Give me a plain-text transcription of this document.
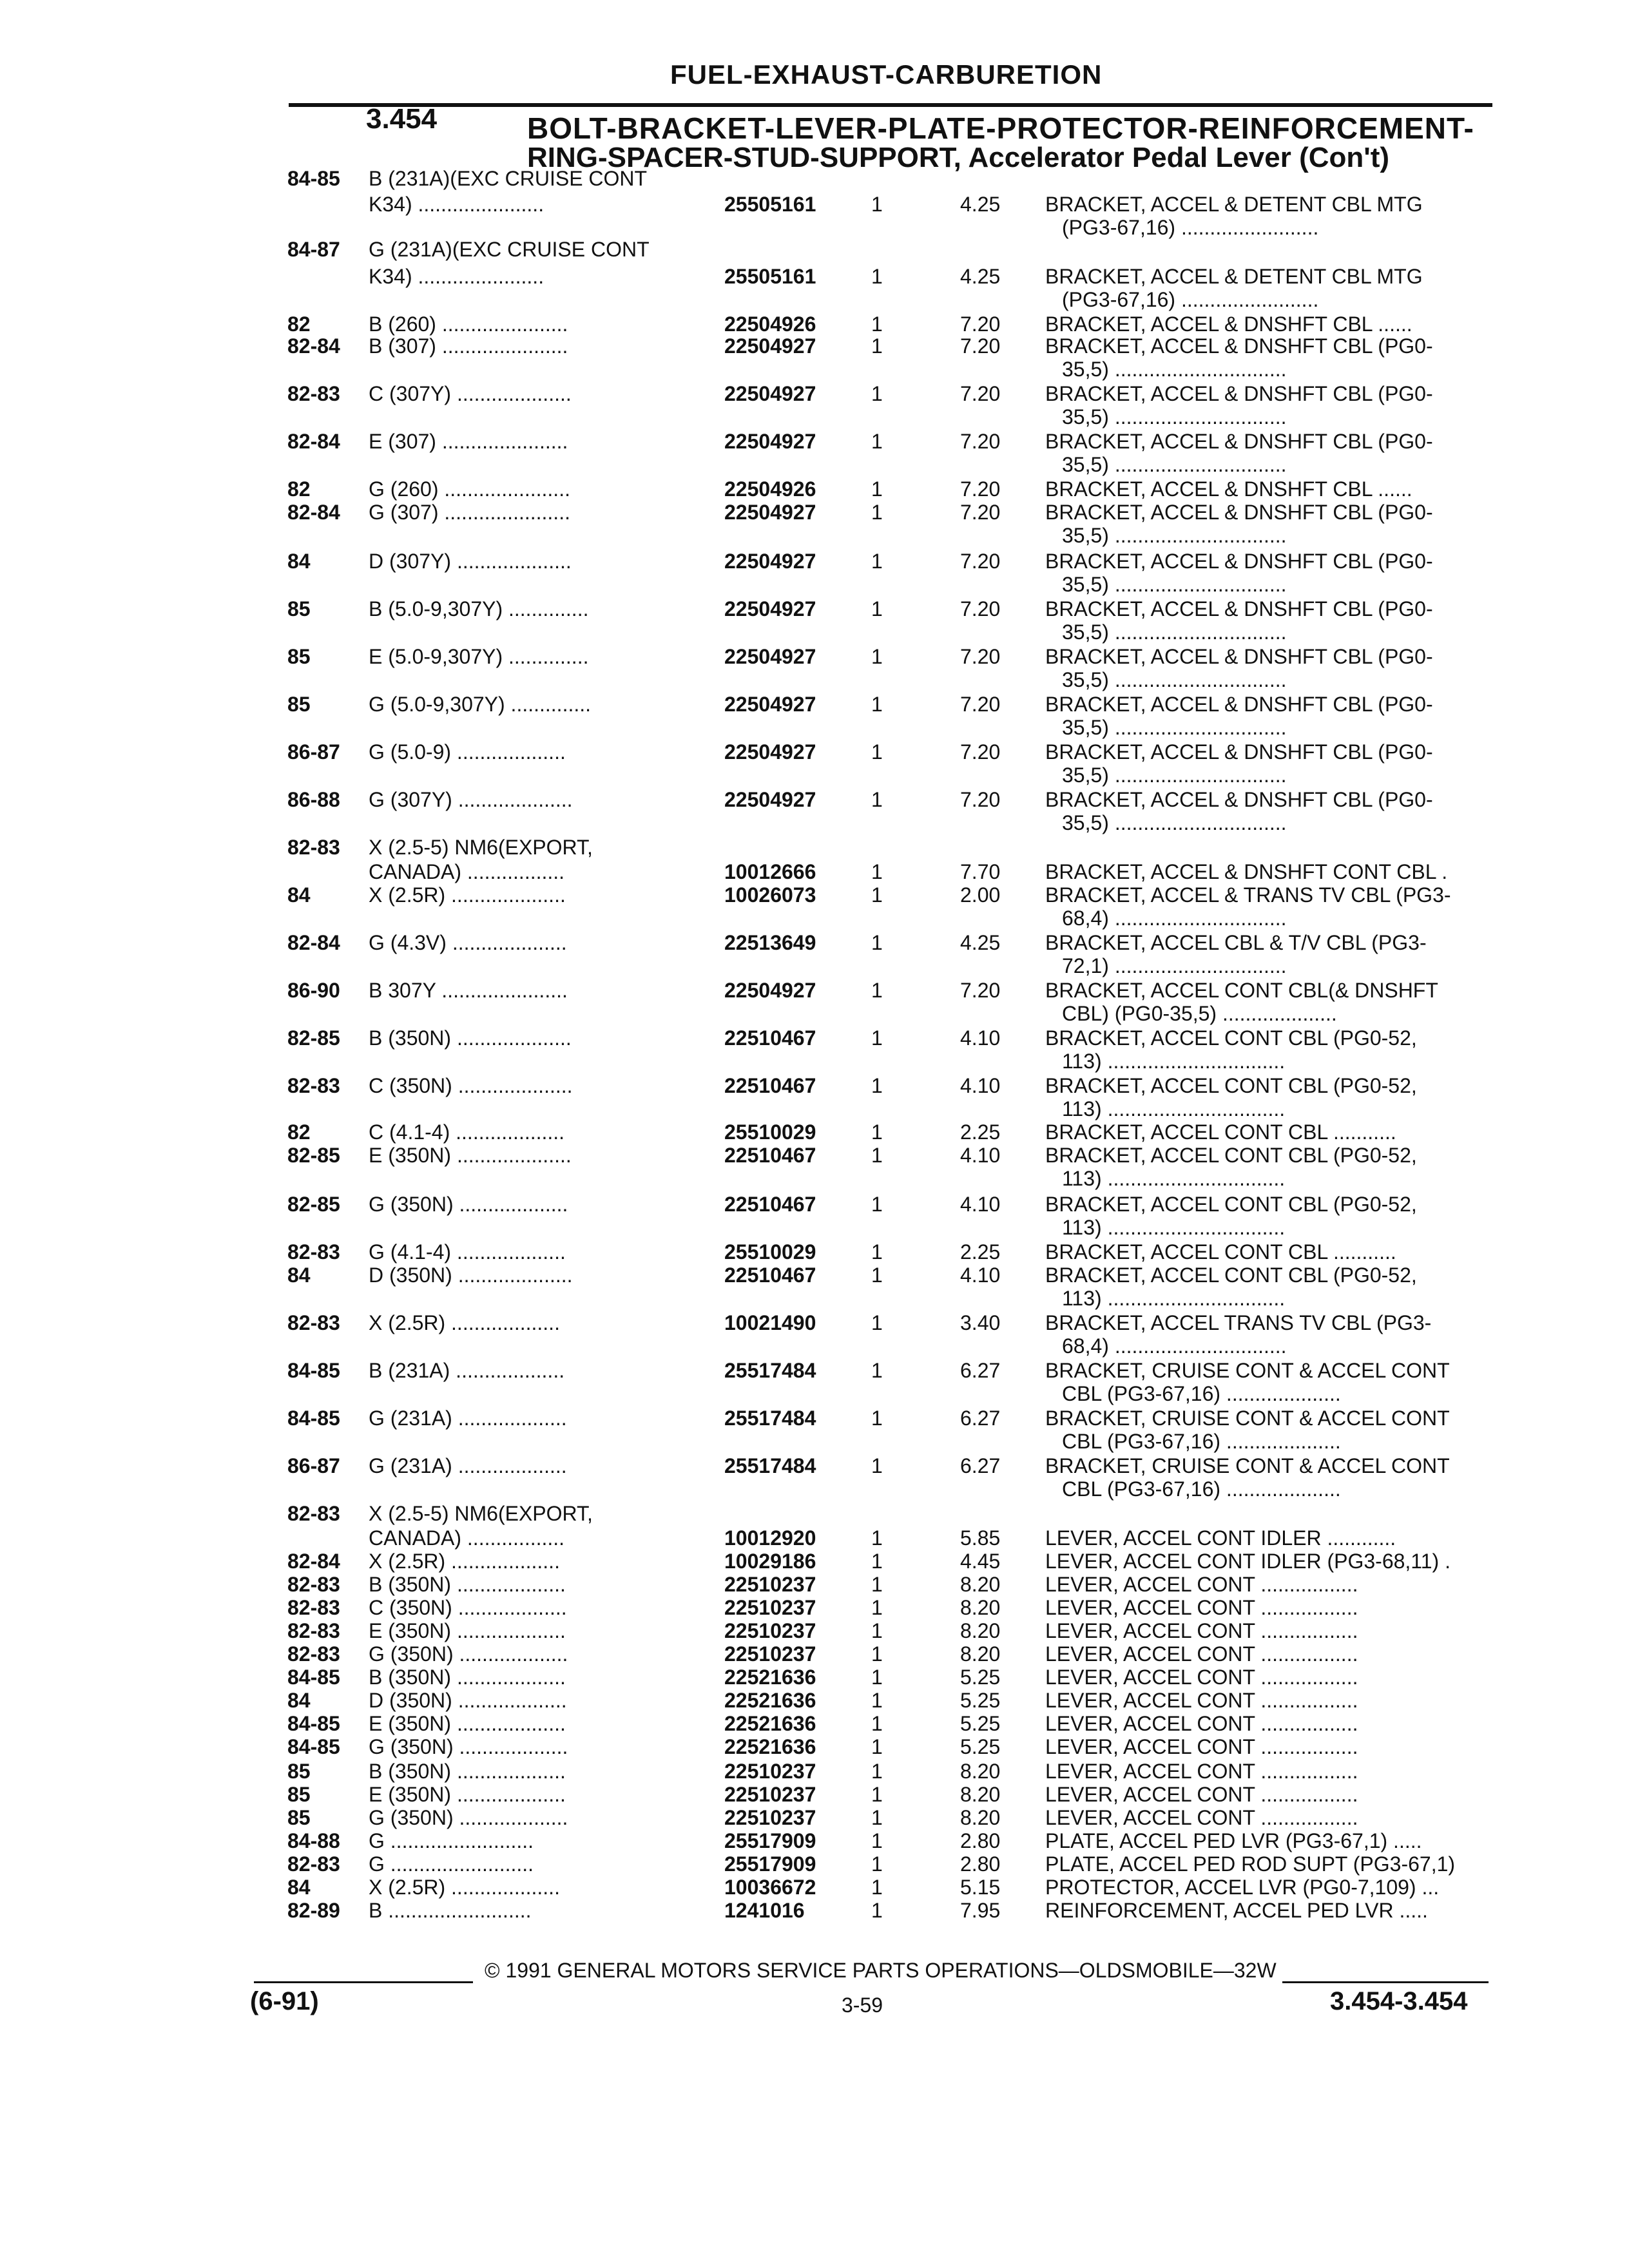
FUEL-EXHAUST-CARBURETION
3.454	BOLT-BRACKET-LEVER-PLATE-PROTECTOR-REINFORCEMENT-
RING-SPACER-STUD-SUPPORT, Accelerator Pedal Lever (Con't)
84-85 B (231A)(EXC CRUISE CONT
K34) ......................	25505161	1	4.25 BRACKET, ACCEL & DETENT CBL MTG
(PG3-67,16) ........................
84-87 G (231A)(EXC CRUISE CONT
K34) ......................	25505161	1	4.25 BRACKET, ACCEL & DETENT CBL MTG
(PG3-67,16) ........................
82	B (260) ......................	22504926	1	7.20 BRACKET, ACCEL & DNSHFT CBL ......
82-84 B (307) ......................	22504927	1	7.20 BRACKET, ACCEL & DNSHFT CBL (PG0-
35,5) ..............................
82-83 C (307Y) ....................	22504927	1	7.20 BRACKET, ACCEL & DNSHFT CBL (PG0-
35,5) ..............................
82-84 E (307) ......................	22504927	1	7.20 BRACKET, ACCEL & DNSHFT CBL (PG0-
35,5) ..............................
82	G (260) ......................	22504926	1	7.20 BRACKET, ACCEL & DNSHFT CBL ......
82-84 G (307) ......................	22504927	1	7.20 BRACKET, ACCEL & DNSHFT CBL (PG0-
35,5) ..............................
84	D (307Y) ....................	22504927	1	7.20 BRACKET, ACCEL & DNSHFT CBL (PG0-
35,5) ..............................
85	B (5.0-9,307Y) ..............	22504927	1	7.20 BRACKET, ACCEL & DNSHFT CBL (PG0-
35,5) ..............................
85	E (5.0-9,307Y) ..............	22504927	1	7.20 BRACKET, ACCEL & DNSHFT CBL (PG0-
35,5) ..............................
85	G (5.0-9,307Y) ..............	22504927	1	7.20 BRACKET, ACCEL & DNSHFT CBL (PG0-
35,5) ..............................
86-87 G (5.0-9) ...................	22504927	1	7.20 BRACKET, ACCEL & DNSHFT CBL (PG0-
35,5) ..............................
86-88 G (307Y) ....................	22504927	1	7.20 BRACKET, ACCEL & DNSHFT CBL (PG0-
35,5) ..............................
82-83 X (2.5-5) NM6(EXPORT,
CANADA) .................	10012666	1	7.70 BRACKET, ACCEL & DNSHFT CONT CBL .
84	X (2.5R) ....................	10026073	1	2.00 BRACKET, ACCEL & TRANS TV CBL (PG3-
68,4) ..............................
82-84 G (4.3V) ....................	22513649	1	4.25 BRACKET, ACCEL CBL & T/V CBL (PG3-
72,1) ..............................
86-90 B 307Y ......................	22504927	1	7.20 BRACKET, ACCEL CONT CBL(& DNSHFT
CBL) (PG0-35,5) ....................
82-85 B (350N) ....................	22510467	1	4.10 BRACKET, ACCEL CONT CBL (PG0-52,
113) ...............................
82-83 C (350N) ....................	22510467	1	4.10 BRACKET, ACCEL CONT CBL (PG0-52,
113) ...............................
82	C (4.1-4) ...................	25510029	1	2.25 BRACKET, ACCEL CONT CBL ...........
82-85 E (350N) ....................	22510467	1	4.10 BRACKET, ACCEL CONT CBL (PG0-52,
113) ...............................
82-85 G (350N) ...................	22510467	1	4.10 BRACKET, ACCEL CONT CBL (PG0-52,
113) ...............................
82-83 G (4.1-4) ...................	25510029	1	2.25 BRACKET, ACCEL CONT CBL ...........
84	D (350N) ....................	22510467	1	4.10 BRACKET, ACCEL CONT CBL (PG0-52,
113) ...............................
82-83 X (2.5R) ...................	10021490	1	3.40 BRACKET, ACCEL TRANS TV CBL (PG3-
68,4) ..............................
84-85 B (231A) ...................	25517484	1	6.27 BRACKET, CRUISE CONT & ACCEL CONT
CBL (PG3-67,16) ....................
84-85 G (231A) ...................	25517484	1	6.27 BRACKET, CRUISE CONT & ACCEL CONT
CBL (PG3-67,16) ....................
86-87 G (231A) ...................	25517484	1	6.27 BRACKET, CRUISE CONT & ACCEL CONT
CBL (PG3-67,16) ....................
82-83 X (2.5-5) NM6(EXPORT,
CANADA) .................	10012920	1	5.85 LEVER, ACCEL CONT IDLER ............
82-84 X (2.5R) ...................	10029186	1	4.45 LEVER, ACCEL CONT IDLER (PG3-68,11) .
82-83 B (350N) ...................	22510237	1	8.20 LEVER, ACCEL CONT .................
82-83 C (350N) ...................	22510237	1	8.20 LEVER, ACCEL CONT .................
82-83 E (350N) ...................	22510237	1	8.20 LEVER, ACCEL CONT .................
82-83 G (350N) ...................	22510237	1	8.20 LEVER, ACCEL CONT .................
84-85 B (350N) ...................	22521636	1	5.25 LEVER, ACCEL CONT .................
84	D (350N) ...................	22521636	1	5.25 LEVER, ACCEL CONT .................
84-85 E (350N) ...................	22521636	1	5.25 LEVER, ACCEL CONT .................
84-85 G (350N) ...................	22521636	1	5.25 LEVER, ACCEL CONT .................
85	B (350N) ...................	22510237	1	8.20 LEVER, ACCEL CONT .................
85	E (350N) ...................	22510237	1	8.20 LEVER, ACCEL CONT .................
85	G (350N) ...................	22510237	1	8.20 LEVER, ACCEL CONT .................
84-88 G .........................	25517909	1	2.80 PLATE, ACCEL PED LVR (PG3-67,1) .....
82-83 G .........................	25517909	1	2.80 PLATE, ACCEL PED ROD SUPT (PG3-67,1)
84	X (2.5R) ...................	10036672	1	5.15 PROTECTOR, ACCEL LVR (PG0-7,109) ...
82-89 B .........................	1241016	1	7.95 REINFORCEMENT, ACCEL PED LVR .....
© 1991 GENERAL MOTORS SERVICE PARTS OPERATIONS—OLDSMOBILE—32W
(6-91)	3-59	3.454-3.454
